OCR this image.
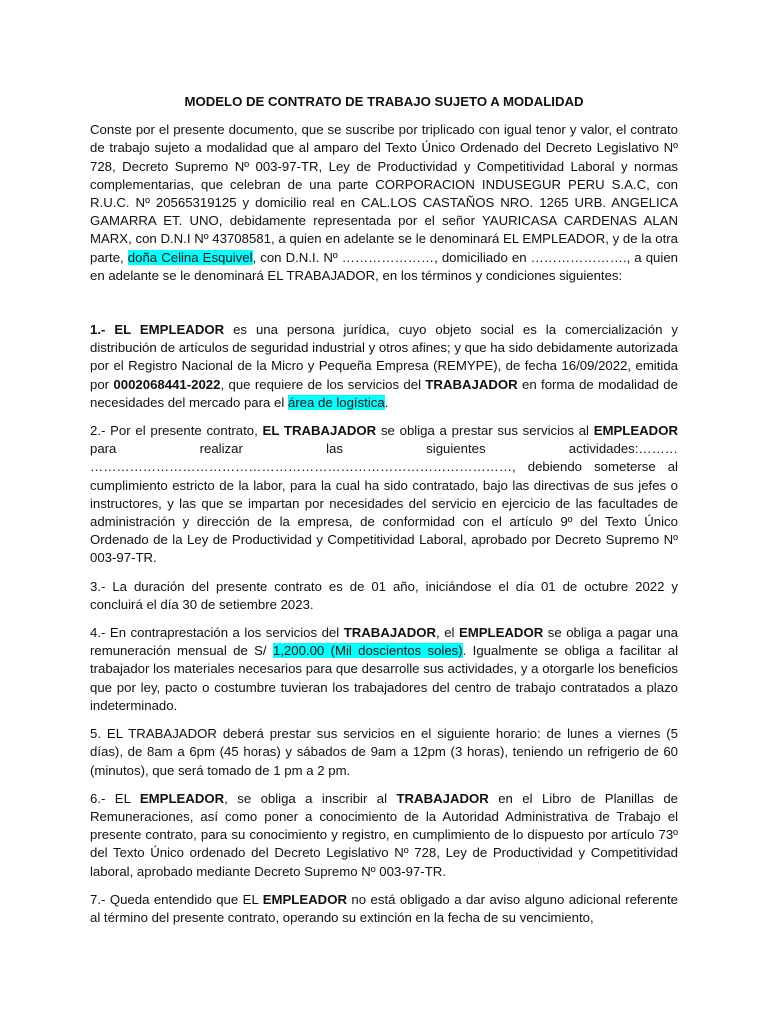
MODELO DE CONTRATO DE TRABAJO SUJETO A MODALIDAD

Conste por el presente documento, que se suscribe por triplicado con igual tenor y valor, el contrato de trabajo sujeto a modalidad que al amparo del Texto Único Ordenado del Decreto Legislativo Nº 728, Decreto Supremo Nº 003-97-TR, Ley de Productividad y Competitividad Laboral y normas complementarias, que celebran de una parte CORPORACION INDUSEGUR PERU S.A.C, con R.U.C. Nº 20565319125 y domicilio real en CAL.LOS CASTAÑOS NRO. 1265 URB. ANGELICA GAMARRA ET. UNO, debidamente representada por el señor YAURICASA CARDENAS ALAN MARX, con D.N.I Nº 43708581, a quien en adelante se le denominará EL EMPLEADOR, y de la otra parte, doña Celina Esquivel, con D.N.I. Nº …………………, domiciliado en …………………., a quien en adelante se le denominará EL TRABAJADOR, en los términos y condiciones siguientes:

1.- EL EMPLEADOR es una persona jurídica, cuyo objeto social es la comercialización y distribución de artículos de seguridad industrial y otros afines; y que ha sido debidamente autorizada por el Registro Nacional de la Micro y Pequeña Empresa (REMYPE), de fecha 16/09/2022, emitida por 0002068441-2022, que requiere de los servicios del TRABAJADOR en forma de modalidad de necesidades del mercado para el área de logística.

2.- Por el presente contrato, EL TRABAJADOR se obliga a prestar sus servicios al EMPLEADOR para realizar las siguientes actividades:……… ……………………………………………………………………………………, debiendo someterse al cumplimiento estricto de la labor, para la cual ha sido contratado, bajo las directivas de sus jefes o instructores, y las que se impartan por necesidades del servicio en ejercicio de las facultades de administración y dirección de la empresa, de conformidad con el artículo 9º del Texto Único Ordenado de la Ley de Productividad y Competitividad Laboral, aprobado por Decreto Supremo Nº 003-97-TR.

3.- La duración del presente contrato es de 01 año, iniciándose el día 01 de octubre 2022 y concluirá el día 30 de setiembre 2023.

4.- En contraprestación a los servicios del TRABAJADOR, el EMPLEADOR se obliga a pagar una remuneración mensual de S/ 1,200.00 (Mil doscientos soles). Igualmente se obliga a facilitar al trabajador los materiales necesarios para que desarrolle sus actividades, y a otorgarle los beneficios que por ley, pacto o costumbre tuvieran los trabajadores del centro de trabajo contratados a plazo indeterminado.

5. EL TRABAJADOR deberá prestar sus servicios en el siguiente horario: de lunes a viernes (5 días), de 8am a 6pm (45 horas) y sábados de 9am a 12pm (3 horas), teniendo un refrigerio de 60 (minutos), que será tomado de 1 pm a 2 pm.

6.- EL EMPLEADOR, se obliga a inscribir al TRABAJADOR en el Libro de Planillas de Remuneraciones, así como poner a conocimiento de la Autoridad Administrativa de Trabajo el presente contrato, para su conocimiento y registro, en cumplimiento de lo dispuesto por artículo 73º del Texto Único ordenado del Decreto Legislativo Nº 728, Ley de Productividad y Competitividad laboral, aprobado mediante Decreto Supremo Nº 003-97-TR.

7.- Queda entendido que EL EMPLEADOR no está obligado a dar aviso alguno adicional referente al término del presente contrato, operando su extinción en la fecha de su vencimiento,
